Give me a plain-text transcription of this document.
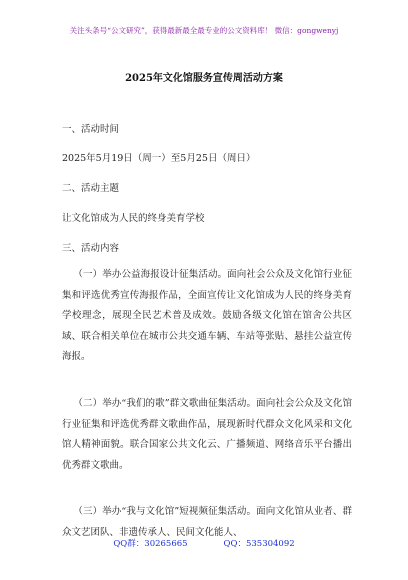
关注头条号“公文研究”，获得最新最全最专业的公文资料库！ 微信：gongwenyj
2025年文化馆服务宣传周活动方案
一、活动时间
2025年5月19日（周一）至5月25日（周日）
二、活动主题
让文化馆成为人民的终身美育学校
三、活动内容

（一）举办公益海报设计征集活动。面向社会公众及文化馆行业征集和评选优秀宣传海报作品，全面宣传让文化馆成为人民的终身美育学校理念，展现全民艺术普及成效。鼓励各级文化馆在馆舍公共区域、联合相关单位在城市公共交通车辆、车站等张贴、悬挂公益宣传海报。

（二）举办“我们的歌”群文歌曲征集活动。面向社会公众及文化馆行业征集和评选优秀群文歌曲作品，展现新时代群众文化风采和文化馆人精神面貌。联合国家公共文化云、广播频道、网络音乐平台播出优秀群文歌曲。

（三）举办“我与文化馆”短视频征集活动。面向文化馆从业者、群众文艺团队、非遗传承人、民间文化能人、

QQ群：30265665	QQ：535304092
